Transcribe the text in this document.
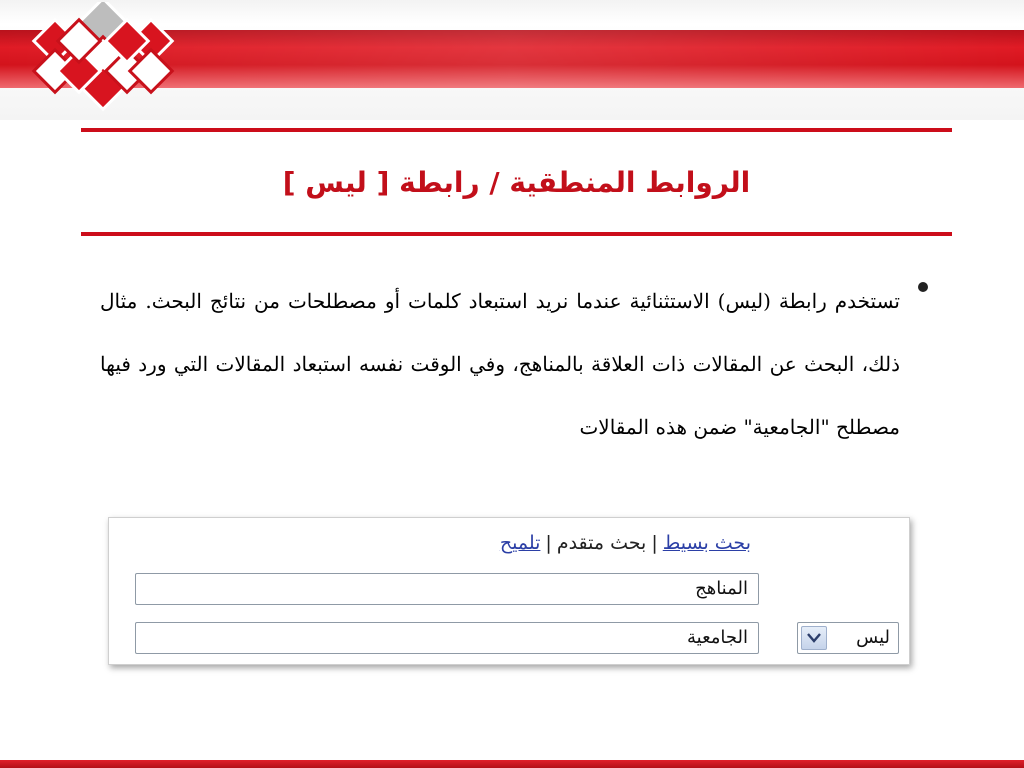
الروابط المنطقية / رابطة [ ليس ]
تستخدم رابطة (ليس) الاستثنائية عندما نريد استبعاد كلمات أو مصطلحات من نتائج البحث. مثال ذلك، البحث عن المقالات ذات العلاقة بالمناهج، وفي الوقت نفسه استبعاد المقالات التي ورد فيها مصطلح "الجامعية" ضمن هذه المقالات
بحث بسيط|بحث متقدم|تلميح
المناهج
الجامعية	ليس
